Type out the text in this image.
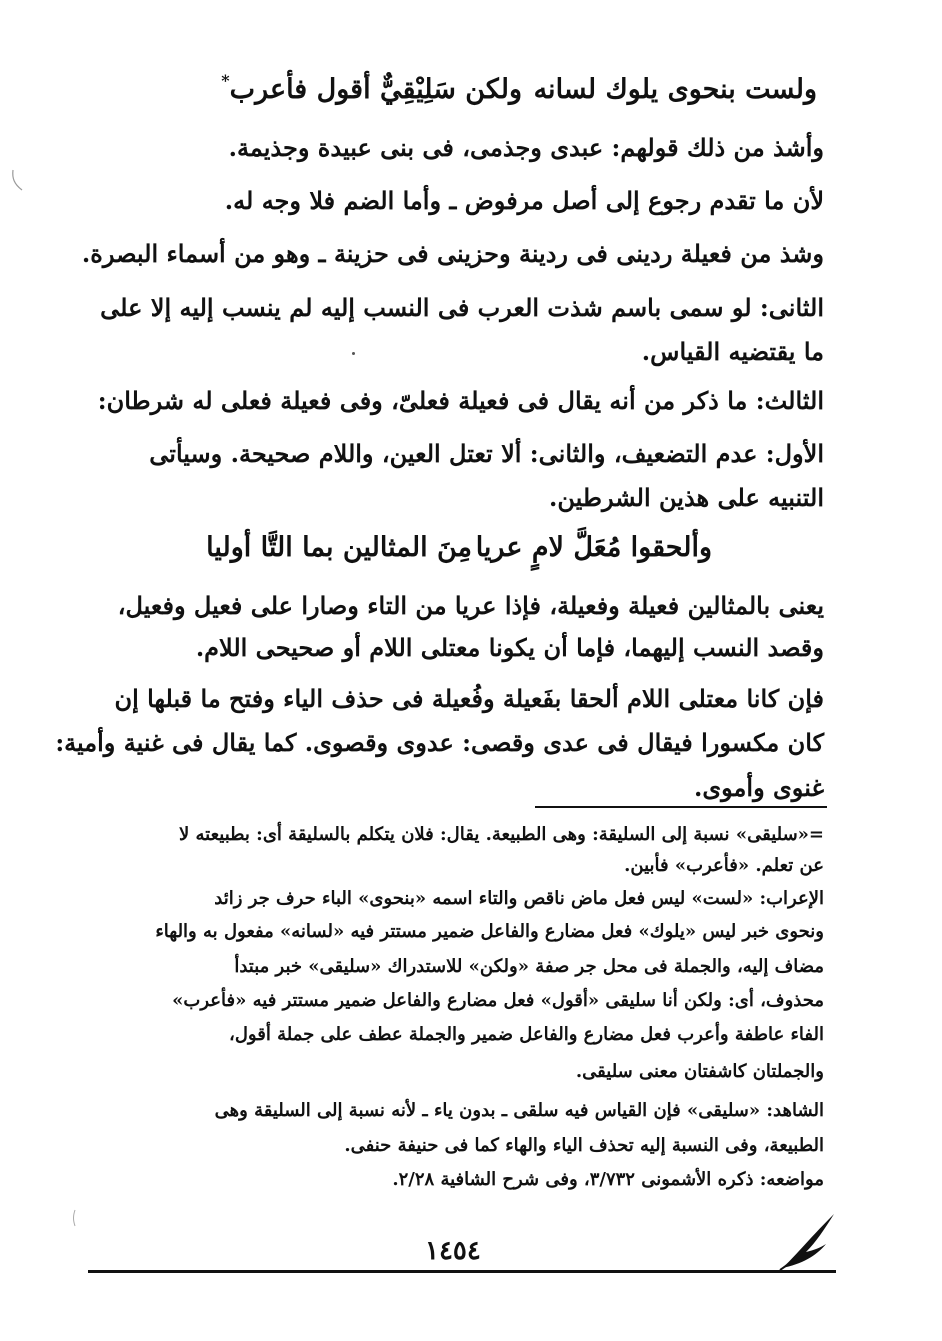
ولست بنحوى يلوك لسانه
ولكن سَلِيْقِيٌّ أقول فأعرب*
وأشذ من ذلك قولهم: عبدى وجذمى، فى بنى عبيدة وجذيمة.
لأن ما تقدم رجوع إلى أصل مرفوض ـ وأما الضم فلا وجه له.
وشذ من فعيلة ردينى فى ردينة وحزينى فى حزينة ـ وهو من أسماء البصرة.
الثانى: لو سمى باسم شذت العرب فى النسب إليه لم ينسب إليه إلا على
ما يقتضيه القياس.
الثالث: ما ذكر من أنه يقال فى فعيلة فعلىّ، وفى فعيلة فعلى له شرطان:
الأول: عدم التضعيف، والثانى: ألا تعتل العين، واللام صحيحة. وسيأتى
التنبيه على هذين الشرطين.
وألحقوا مُعَلَّ لامٍ عريا
مِنَ المثالين بما التَّا أوليا
يعنى بالمثالين فعيلة وفعيلة، فإذا عريا من التاء وصارا على فعيل وفعيل،
وقصد النسب إليهما، فإما أن يكونا معتلى اللام أو صحيحى اللام.
فإن كانا معتلى اللام ألحقا بفَعيلة وفُعيلة فى حذف الياء وفتح ما قبلها إن
كان مكسورا فيقال فى عدى وقصى: عدوى وقصوى. كما يقال فى غنية وأمية:
غنوى وأموى.
=«سليقى» نسبة إلى السليقة: وهى الطبيعة. يقال: فلان يتكلم بالسليقة أى: بطبيعته لا
عن تعلم. «فأعرب» فأبين.
الإعراب: «لست» ليس فعل ماض ناقص والتاء اسمه «بنحوى» الباء حرف جر زائد
ونحوى خبر ليس «يلوك» فعل مضارع والفاعل ضمير مستتر فيه «لسانه» مفعول به والهاء
مضاف إليه، والجملة فى محل جر صفة «ولكن» للاستدراك «سليقى» خبر مبتدأ
محذوف، أى: ولكن أنا سليقى «أقول» فعل مضارع والفاعل ضمير مستتر فيه «فأعرب»
الفاء عاطفة وأعرب فعل مضارع والفاعل ضمير والجملة عطف على جملة أقول،
والجملتان كاشفتان معنى سليقى.
الشاهد: «سليقى» فإن القياس فيه سلقى ـ بدون ياء ـ لأنه نسبة إلى السليقة وهى
الطبيعة، وفى النسبة إليه تحذف الياء والهاء كما فى حنيفة حنفى.
مواضعه: ذكره الأشمونى ٣/٧٣٢، وفى شرح الشافية ٢/٢٨.
١٤٥٤
